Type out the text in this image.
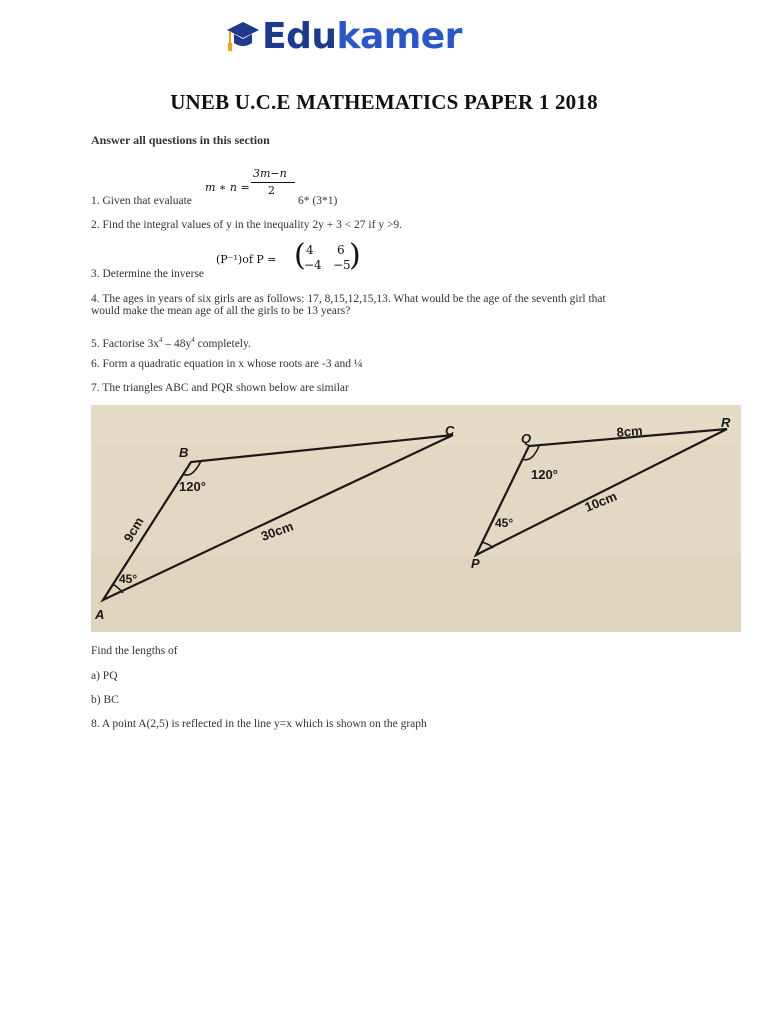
Edu kamer
UNEB U.C.E MATHEMATICS PAPER 1 2018
Answer all questions in this section
m ∗ n =
3m−n
2
1. Given that evaluate	6* (3*1)
2. Find the integral values of y in the inequality 2y + 3 < 27 if y >9.
(P⁻¹)of P = ( 4 6
−4 −5
)
3. Determine the inverse
4. The ages in years of six girls are as follows: 17, 8,15,12,15,13. What would be the age of the seventh girl that
would make the mean age of all the girls to be 13 years?
5. Factorise $3x^4 - 48y^4$ completely.
6. Form a quadratic equation in x whose roots are -3 and ¼
7. The triangles ABC and PQR shown below are similar
A
B
C
9cm	30cm
120°
45°
P
Q
R
8cm
10cm
120°
45°
Find the lengths of
a) PQ
b) BC
8. A point A(2,5) is reflected in the line y=x which is shown on the graph
